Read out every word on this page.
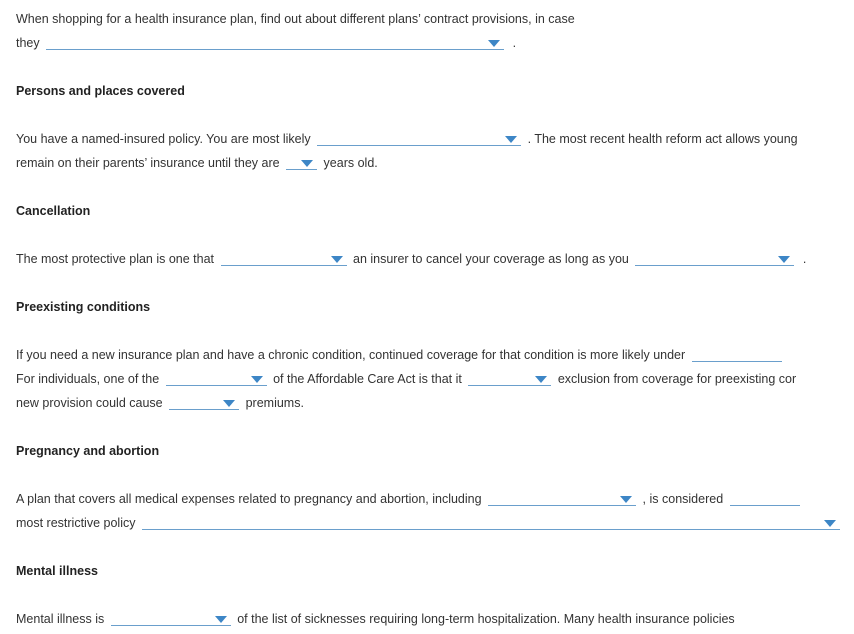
When shopping for a health insurance plan, find out about different plans’ contract provisions, in case
they	.
Persons and places covered
You have a named-insured policy. You are most likely	. The most recent health reform act allows young
remain on their parents’ insurance until they are	years old.
Cancellation
The most protective plan is one that	an insurer to cancel your coverage as long as you	.
Preexisting conditions
If you need a new insurance plan and have a chronic condition, continued coverage for that condition is more likely under
For individuals, one of the	of the Affordable Care Act is that it	exclusion from coverage for preexisting cor
new provision could cause	premiums.
Pregnancy and abortion
A plan that covers all medical expenses related to pregnancy and abortion, including	, is considered
most restrictive policy
Mental illness
Mental illness is	of the list of sicknesses requiring long-term hospitalization. Many health insurance policies
